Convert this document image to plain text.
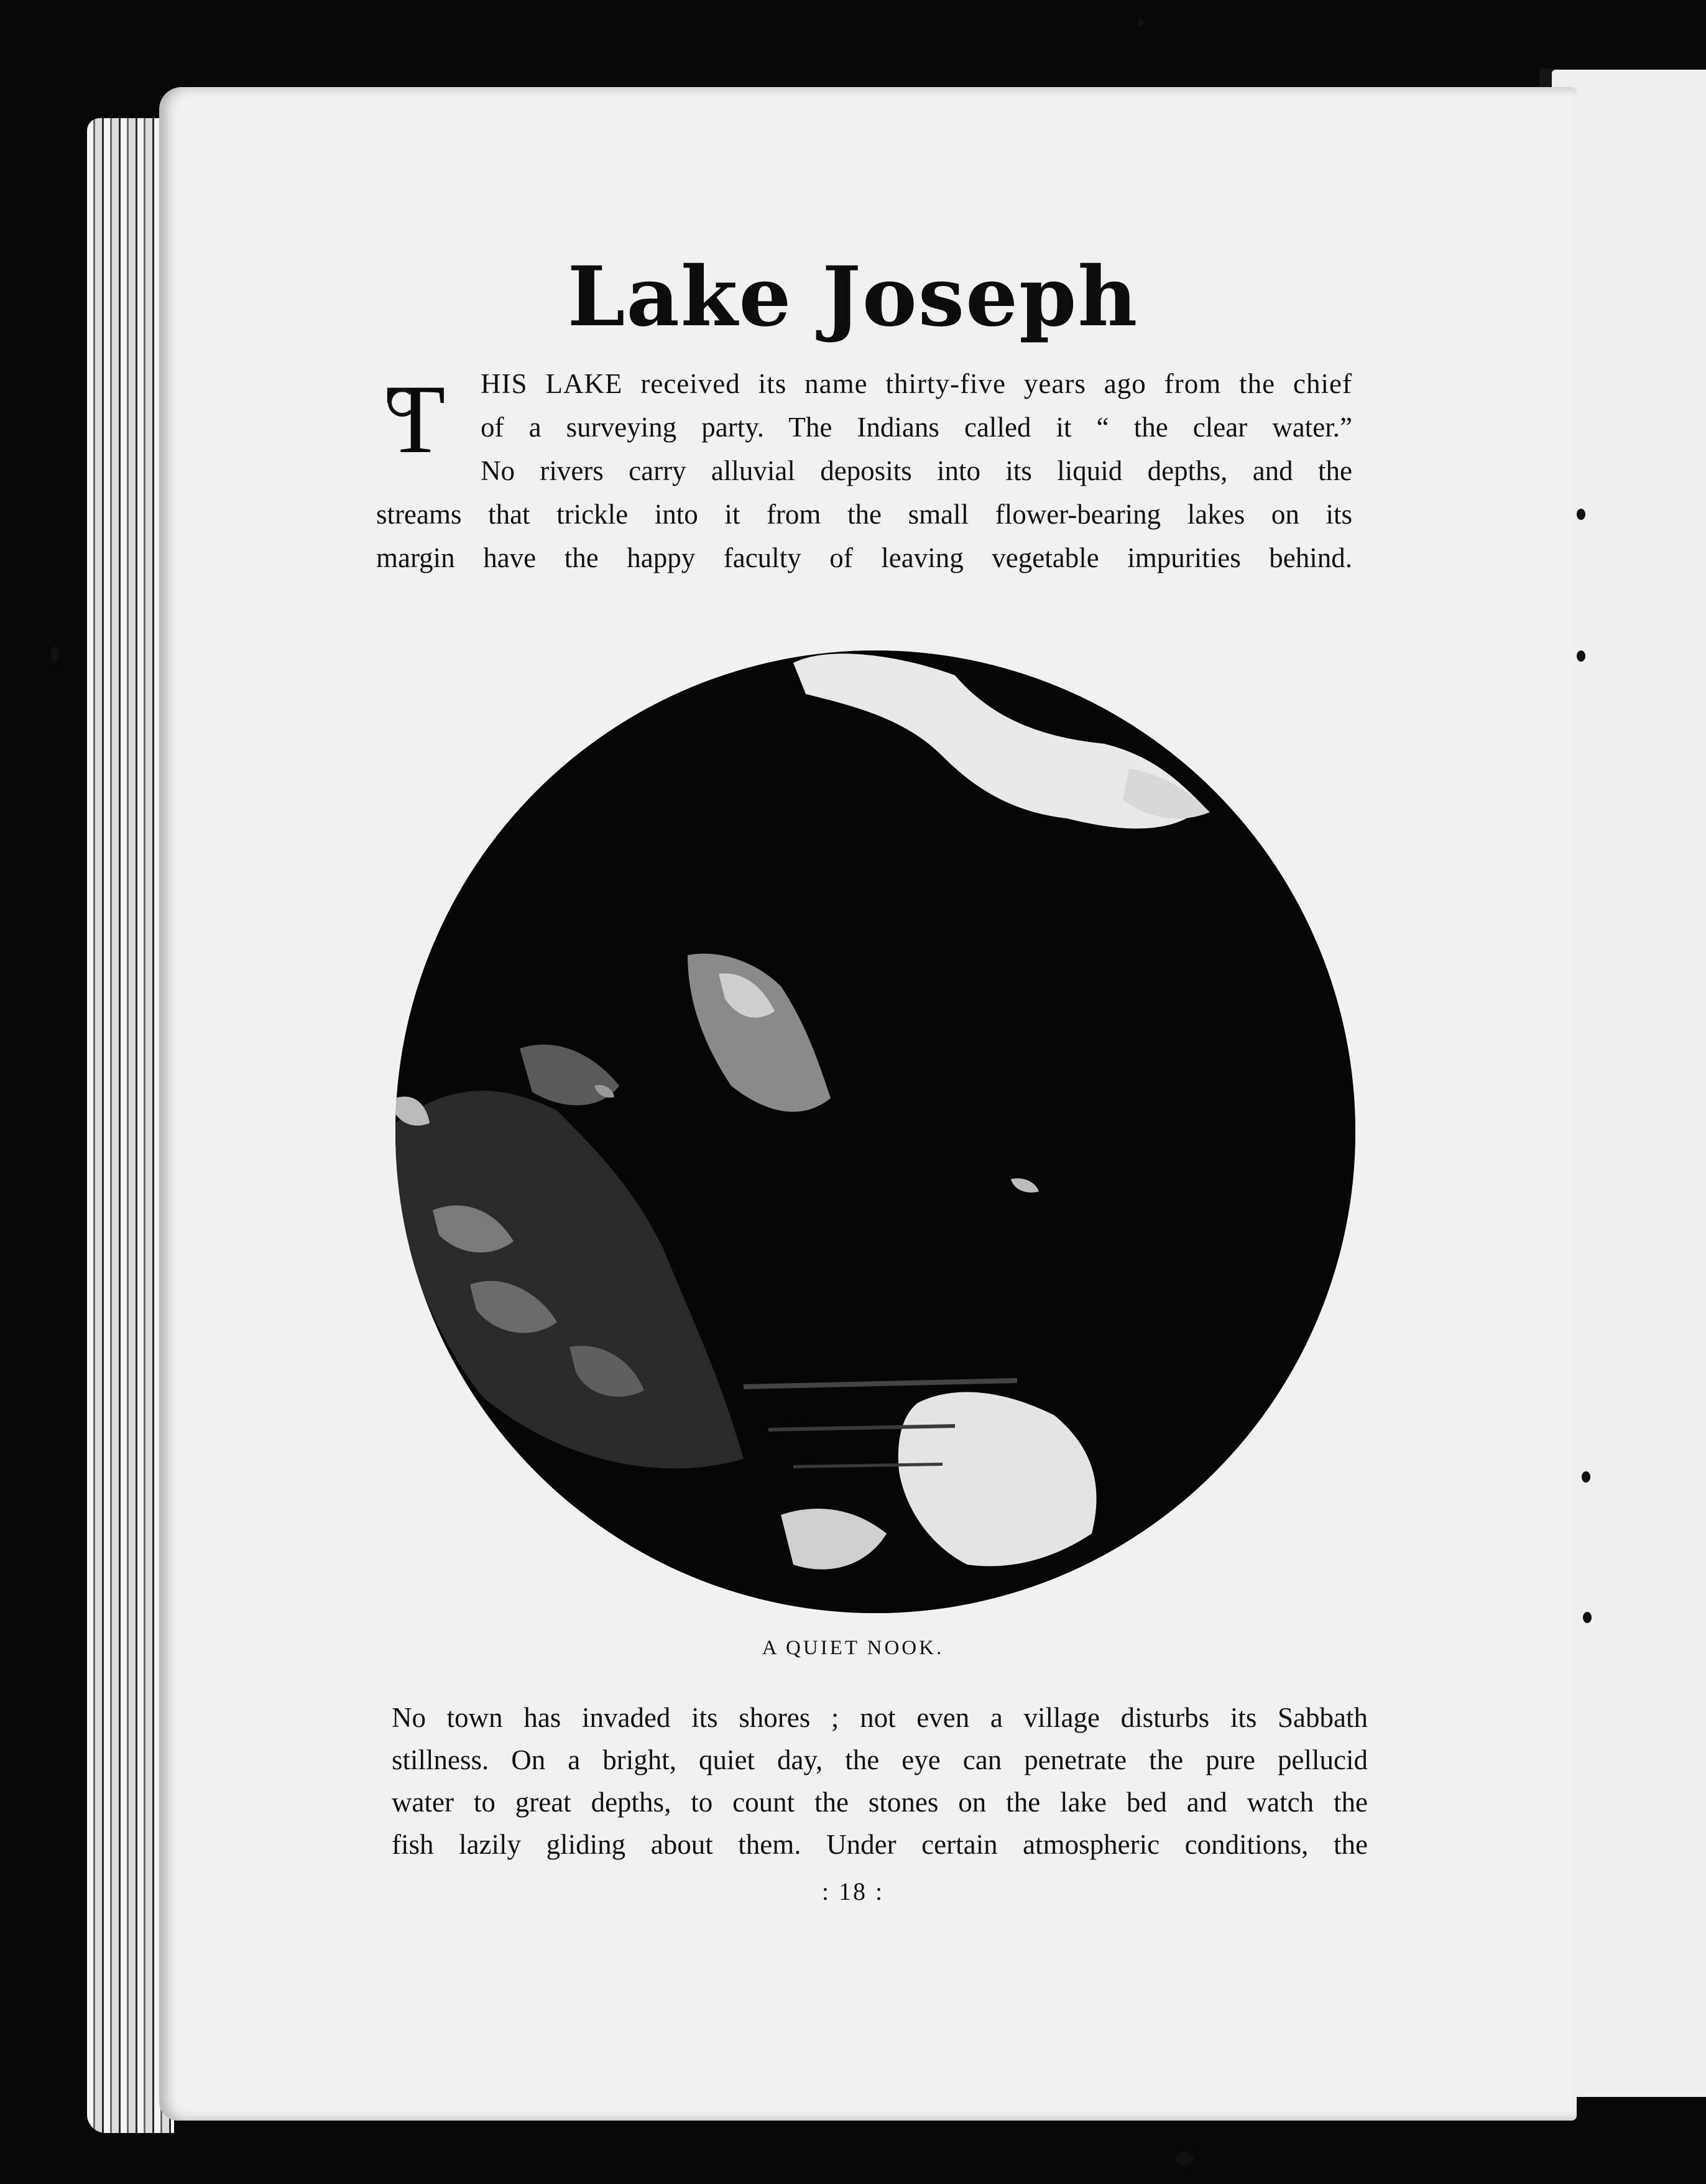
Lake Joseph
T	HIS LAKE received its name thirty-five years ago from the chief
of a surveying party. The Indians called it “ the clear water.”
No rivers carry alluvial deposits into its liquid depths, and the
streams that trickle into it from the small flower-bearing lakes on its
margin have the happy faculty of leaving vegetable impurities behind.
A QUIET NOOK.
No town has invaded its shores ; not even a village disturbs its Sabbath
stillness. On a bright, quiet day, the eye can penetrate the pure pellucid
water to great depths, to count the stones on the lake bed and watch the
fish lazily gliding about them. Under certain atmospheric conditions, the
: 18 :
